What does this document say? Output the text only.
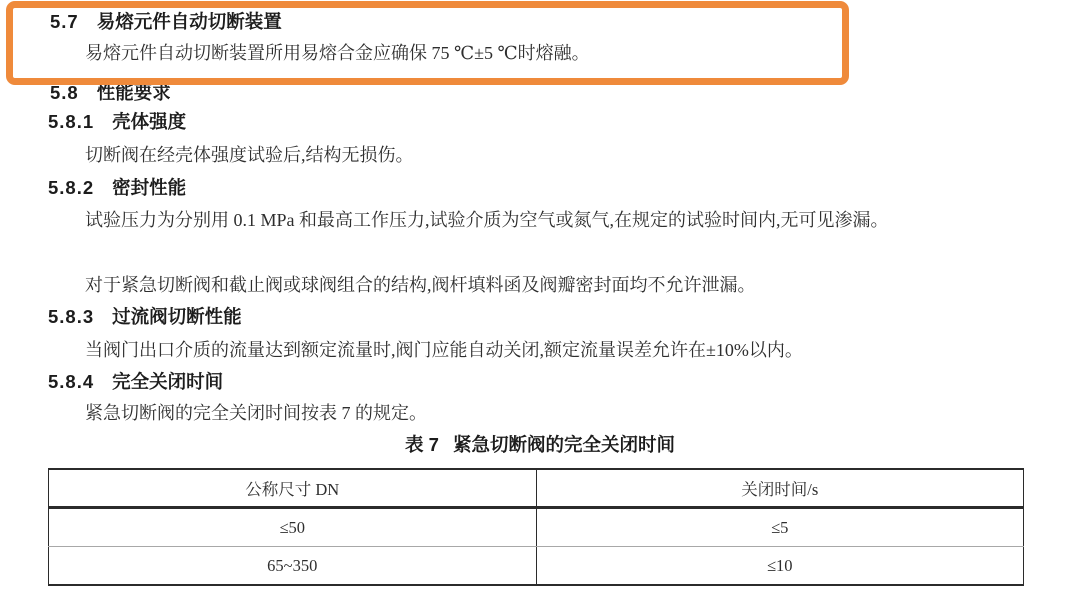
5.7 易熔元件自动切断装置
易熔元件自动切断装置所用易熔合金应确保 75 ℃±5 ℃时熔融。
5.8 性能要求
5.8.1 壳体强度
切断阀在经壳体强度试验后,结构无损伤。
5.8.2 密封性能
试验压力为分别用 0.1 MPa 和最高工作压力,试验介质为空气或氮气,在规定的试验时间内,无可见渗漏。
对于紧急切断阀和截止阀或球阀组合的结构,阀杆填料函及阀瓣密封面均不允许泄漏。
5.8.3 过流阀切断性能
当阀门出口介质的流量达到额定流量时,阀门应能自动关闭,额定流量误差允许在±10%以内。
5.8.4 完全关闭时间
紧急切断阀的完全关闭时间按表 7 的规定。
表 7 紧急切断阀的完全关闭时间
公称尺寸 DN	关闭时间/s
≤50	≤5
65~350	≤10
